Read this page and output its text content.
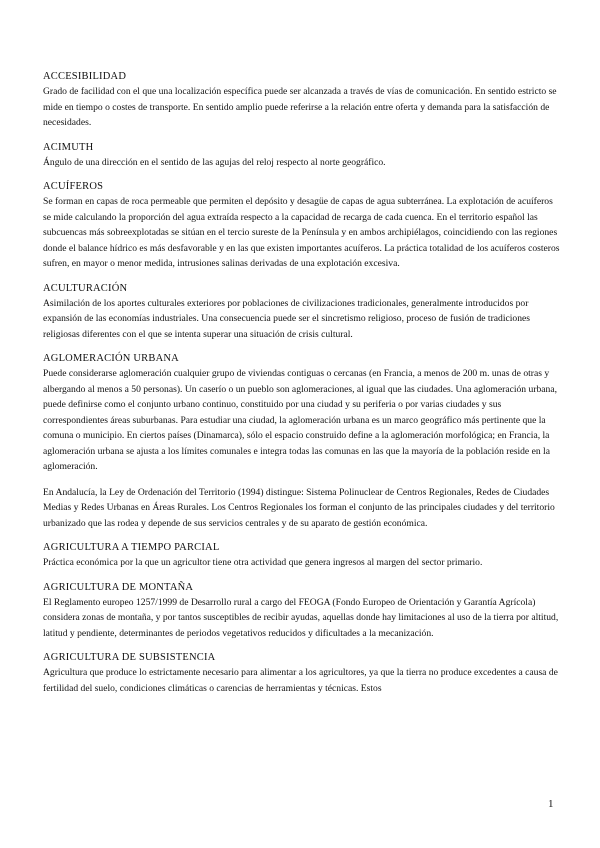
ACCESIBILIDAD

Grado de facilidad con el que una localización específica puede ser alcanzada a través de vías de comunicación. En sentido estricto se mide en tiempo o costes de transporte. En sentido amplio puede referirse a la relación entre oferta y demanda para la satisfacción de necesidades.

ACIMUTH

Ángulo de una dirección en el sentido de las agujas del reloj respecto al norte geográfico.

ACUÍFEROS

Se forman en capas de roca permeable que permiten el depósito y desagüe de capas de agua subterránea. La explotación de acuíferos se mide calculando la proporción del agua extraída respecto a la capacidad de recarga de cada cuenca. En el territorio español las subcuencas más sobreexplotadas se sitúan en el tercio sureste de la Península y en ambos archipiélagos, coincidiendo con las regiones donde el balance hídrico es más desfavorable y en las que existen importantes acuíferos. La práctica totalidad de los acuíferos costeros sufren, en mayor o menor medida, intrusiones salinas derivadas de una explotación excesiva.

ACULTURACIÓN

Asimilación de los aportes culturales exteriores por poblaciones de civilizaciones tradicionales, generalmente introducidos por expansión de las economías industriales. Una consecuencia puede ser el sincretismo religioso, proceso de fusión de tradiciones religiosas diferentes con el que se intenta superar una situación de crisis cultural.

AGLOMERACIÓN URBANA

Puede considerarse aglomeración cualquier grupo de viviendas contiguas o cercanas (en Francia, a menos de 200 m. unas de otras y albergando al menos a 50 personas). Un caserío o un pueblo son aglomeraciones, al igual que las ciudades. Una aglomeración urbana, puede definirse como el conjunto urbano continuo, constituido por una ciudad y su periferia o por varias ciudades y sus correspondientes áreas suburbanas. Para estudiar una ciudad, la aglomeración urbana es un marco geográfico más pertinente que la comuna o municipio. En ciertos países (Dinamarca), sólo el espacio construido define a la aglomeración morfológica; en Francia, la aglomeración urbana se ajusta a los límites comunales e integra todas las comunas en las que la mayoría de la población reside en la aglomeración.

En Andalucía, la Ley de Ordenación del Territorio (1994) distingue: Sistema Polinuclear de Centros Regionales, Redes de Ciudades Medias y Redes Urbanas en Áreas Rurales. Los Centros Regionales los forman el conjunto de las principales ciudades y del territorio urbanizado que las rodea y depende de sus servicios centrales y de su aparato de gestión económica.

AGRICULTURA A TIEMPO PARCIAL

Práctica económica por la que un agricultor tiene otra actividad que genera ingresos al margen del sector primario.

AGRICULTURA DE MONTAÑA

El Reglamento europeo 1257/1999 de Desarrollo rural a cargo del FEOGA (Fondo Europeo de Orientación y Garantía Agrícola) considera zonas de montaña, y por tantos susceptibles de recibir ayudas, aquellas donde hay limitaciones al uso de la tierra por altitud, latitud y pendiente, determinantes de periodos vegetativos reducidos y dificultades a la mecanización.

AGRICULTURA DE SUBSISTENCIA

Agricultura que produce lo estrictamente necesario para alimentar a los agricultores, ya que la tierra no produce excedentes a causa de fertilidad del suelo, condiciones climáticas o carencias de herramientas y técnicas. Estos

1
